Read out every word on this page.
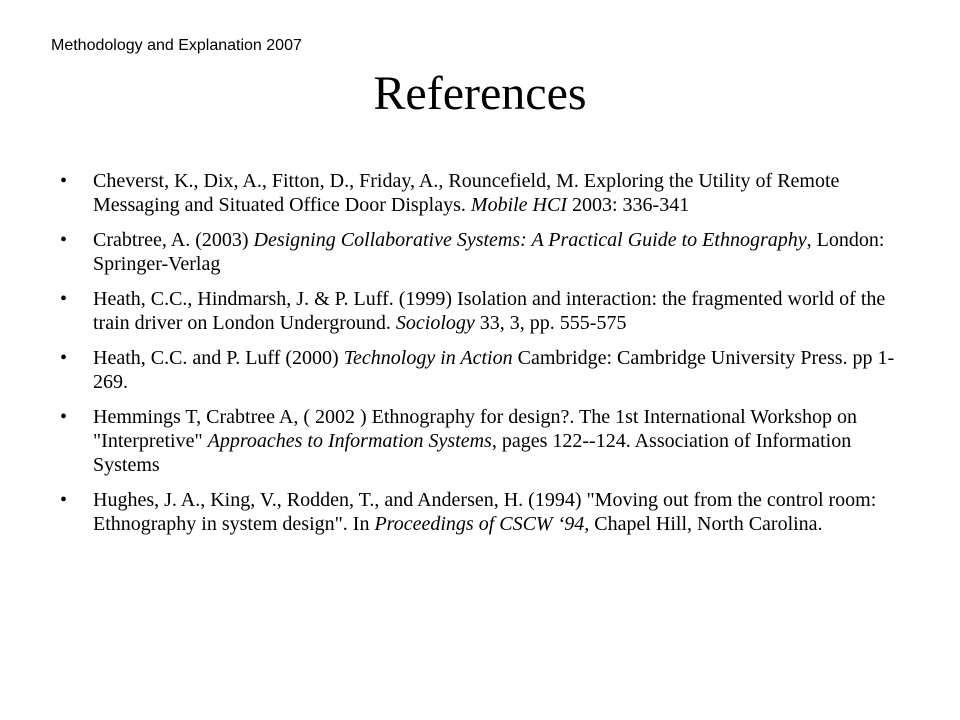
Methodology and Explanation 2007
References
• Cheverst, K., Dix, A., Fitton, D., Friday, A., Rouncefield, M. Exploring the Utility of Remote Messaging and Situated Office Door Displays. Mobile HCI 2003: 336-341
• Crabtree, A. (2003) Designing Collaborative Systems: A Practical Guide to Ethnography, London: Springer-Verlag
• Heath, C.C., Hindmarsh, J. & P. Luff. (1999) Isolation and interaction: the fragmented world of the train driver on London Underground. Sociology 33, 3, pp. 555-575
• Heath, C.C. and P. Luff (2000) Technology in Action Cambridge: Cambridge University Press. pp 1-269.
• Hemmings T, Crabtree A, ( 2002 ) Ethnography for design?. The 1st International Workshop on "Interpretive" Approaches to Information Systems, pages 122--124. Association of Information Systems
• Hughes, J. A., King, V., Rodden, T., and Andersen, H. (1994) "Moving out from the control room: Ethnography in system design". In Proceedings of CSCW ‘94, Chapel Hill, North Carolina.
